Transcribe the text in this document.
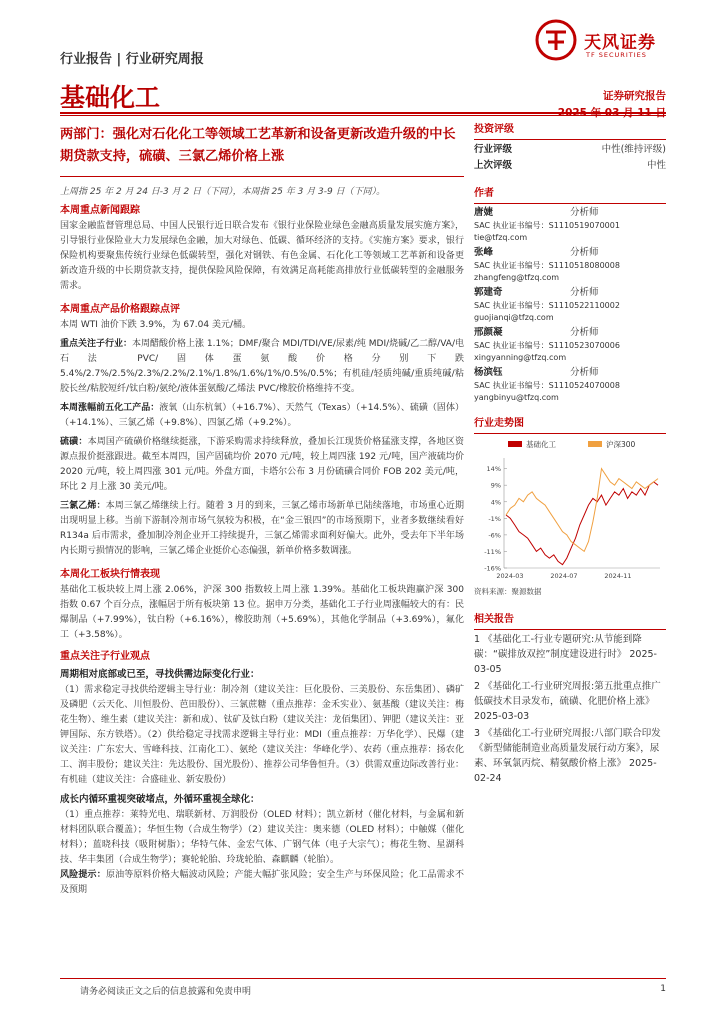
行业报告 | 行业研究周报
天风证券
TF SECURITIES
基础化工	证券研究报告
两部门：强化对石化化工等领域工艺革新和设备更新改造升级的中长期贷款支持，硫磺、三氯乙烯价格上涨
上周指 25 年 2 月 24 日-3 月 2 日（下同），本周指 25 年 3 月 3-9 日（下同）。
本周重点新闻跟踪
国家金融监督管理总局、中国人民银行近日联合发布《银行业保险业绿色金融高质量发展实施方案》，引导银行业保险业大力发展绿色金融，加大对绿色、低碳、循环经济的支持。《实施方案》要求，银行保险机构要聚焦传统行业绿色低碳转型，强化对钢铁、有色金属、石化化工等领域工艺革新和设备更新改造升级的中长期贷款支持，提供保险风险保障，有效满足高耗能高排放行业低碳转型的金融服务需求。
本周重点产品价格跟踪点评
本周 WTI 油价下跌 3.9%，为 67.04 美元/桶。
重点关注子行业：本周醋酸价格上涨 1.1%；DMF/聚合 MDI/TDI/VE/尿素/纯 MDI/烧碱/乙二醇/VA/电石法 PVC/固体蛋氨酸价格分别下跌 5.4%/2.7%/2.5%/2.3%/2.2%/2.1%/1.8%/1.6%/1%/0.5%/0.5%；有机硅/轻质纯碱/重质纯碱/粘胶长丝/粘胶短纤/钛白粉/氨纶/液体蛋氨酸/乙烯法 PVC/橡胶价格维持不变。
本周涨幅前五化工产品：液氧（山东杭氧）（+16.7%）、天然气（Texas）（+14.5%）、硫磺（固体）（+14.1%）、三氯乙烯（+9.8%）、四氯乙烯（+9.2%）。
硫磺：本周国产硫磺价格继续挺涨，下游采购需求持续释放，叠加长江现货价格猛涨支撑，各地区资源点报价挺涨跟进。截至本周四，国产固硫均价 2070 元/吨，较上周四涨 192 元/吨，国产液硫均价 2020 元/吨，较上周四涨 301 元/吨。外盘方面，卡塔尔公布 3 月份硫磺合同价 FOB 202 美元/吨，环比 2 月上涨 30 美元/吨。
三氯乙烯：本周三氯乙烯继续上行。随着 3 月的到来，三氯乙烯市场新单已陆续落地，市场重心近期出现明显上移。当前下游制冷剂市场气氛较为积极，在“金三银四”的市场预期下，业者多数继续看好 R134a 后市需求，叠加制冷剂企业开工持续提升，三氯乙烯需求面利好偏大。此外，受去年下半年场内长期亏损情况的影响，三氯乙烯企业挺价心态偏强，新单价格多数调涨。
本周化工板块行情表现
基础化工板块较上周上涨 2.06%，沪深 300 指数较上周上涨 1.39%。基础化工板块跑赢沪深 300 指数 0.67 个百分点，涨幅居于所有板块第 13 位。据申万分类，基础化工子行业周涨幅较大的有：民爆制品（+7.99%），钛白粉（+6.16%），橡胶助剂（+5.69%），其他化学制品（+3.69%），氟化工（+3.58%）。
重点关注子行业观点
周期相对底部或已至，寻找供需边际变化行业：
（1）需求稳定寻找供给逻辑主导行业：制冷剂（建议关注：巨化股份、三美股份、东岳集团）、磷矿及磷肥（云天化、川恒股份、芭田股份）、三氯蔗糖（重点推荐：金禾实业）、氨基酸（建议关注：梅花生物）、维生素（建议关注：新和成）、钛矿及钛白粉（建议关注：龙佰集团）、钾肥（建议关注：亚钾国际、东方铁塔）。（2）供给稳定寻找需求逻辑主导行业：MDI（重点推荐：万华化学）、民爆（建议关注：广东宏大、雪峰科技、江南化工）、氨纶（建议关注：华峰化学）、农药（重点推荐：扬农化工、润丰股份；建议关注：先达股份、国光股份）、推荐公司华鲁恒升。（3）供需双重边际改善行业：有机硅（建议关注：合盛硅业、新安股份）
成长内循环重视突破堵点，外循环重视全球化：
（1）重点推荐：莱特光电、瑞联新材、万润股份（OLED 材料）；凯立新材（催化材料，与金属和新材料团队联合覆盖）；华恒生物（合成生物学）（2）建议关注：奥来德（OLED 材料）；中触媒（催化材料）；蓝晓科技（吸附树脂）；华特气体、金宏气体、广钢气体（电子大宗气）；梅花生物、星湖科技、华丰集团（合成生物学）；赛轮轮胎、玲珑轮胎、森麒麟（轮胎）。
风险提示：原油等原料价格大幅波动风险；产能大幅扩张风险；安全生产与环保风险；化工品需求不及预期
投资评级
行业评级	中性(维持评级)
上次评级	中性
作者
唐婕	分析师
SAC 执业证书编号：S1110519070001
tie@tfzq.com
张峰	分析师
SAC 执业证书编号：S1110518080008
zhangfeng@tfzq.com
郭建奇	分析师
SAC 执业证书编号：S1110522110002
guojianqi@tfzq.com
邢颜凝	分析师
SAC 执业证书编号：S1110523070006
xingyanning@tfzq.com
杨滨钰	分析师
SAC 执业证书编号：S1110524070008
yangbinyu@tfzq.com
行业走势图
基础化工	沪深300
14%
9%
4%
-1%
-6%
-11%
-16%
2024-03	2024-07	2024-11
资料来源：聚源数据
相关报告
1 《基础化工-行业专题研究:从节能到降碳：“碳排放双控”制度建设进行时》 2025-03-05
2 《基础化工-行业研究周报:第五批重点推广低碳技术目录发布，硫磺、化肥价格上涨》 2025-03-03
3 《基础化工-行业研究周报:八部门联合印发《新型储能制造业高质量发展行动方案》，尿素、环氧氯丙烷、精氨酸价格上涨》 2025-02-24
请务必阅读正文之后的信息披露和免责申明	1
